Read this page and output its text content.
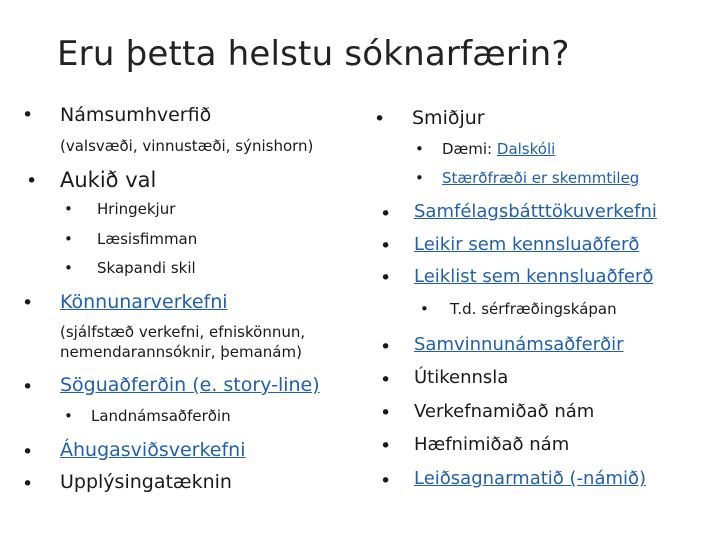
Eru þetta helstu sóknarfærin?
• Námsumhverfið
(valsvæði, vinnustæði, sýnishorn)
• Aukið val
• Hringekjur
• Læsisfimman
• Skapandi skil
• Könnunarverkefni
(sjálfstæð verkefni, efniskönnun,
nemendarannsóknir, þemanám)
• Söguaðferðin (e. story-line)
• Landnámsaðferðin
• Áhugasviðsverkefni
• Upplýsingatæknin
• Smiðjur
• Dæmi: Dalskóli
• Stærðfræði er skemmtileg
• Samfélagsbátttökuverkefni
• Leikir sem kennsluaðferð
• Leiklist sem kennsluaðferð
• T.d. sérfræðingskápan
• Samvinnunámsaðferðir
• Útikennsla
• Verkefnamiðað nám
• Hæfnimiðað nám
• Leiðsagnarmatið (-námið)
